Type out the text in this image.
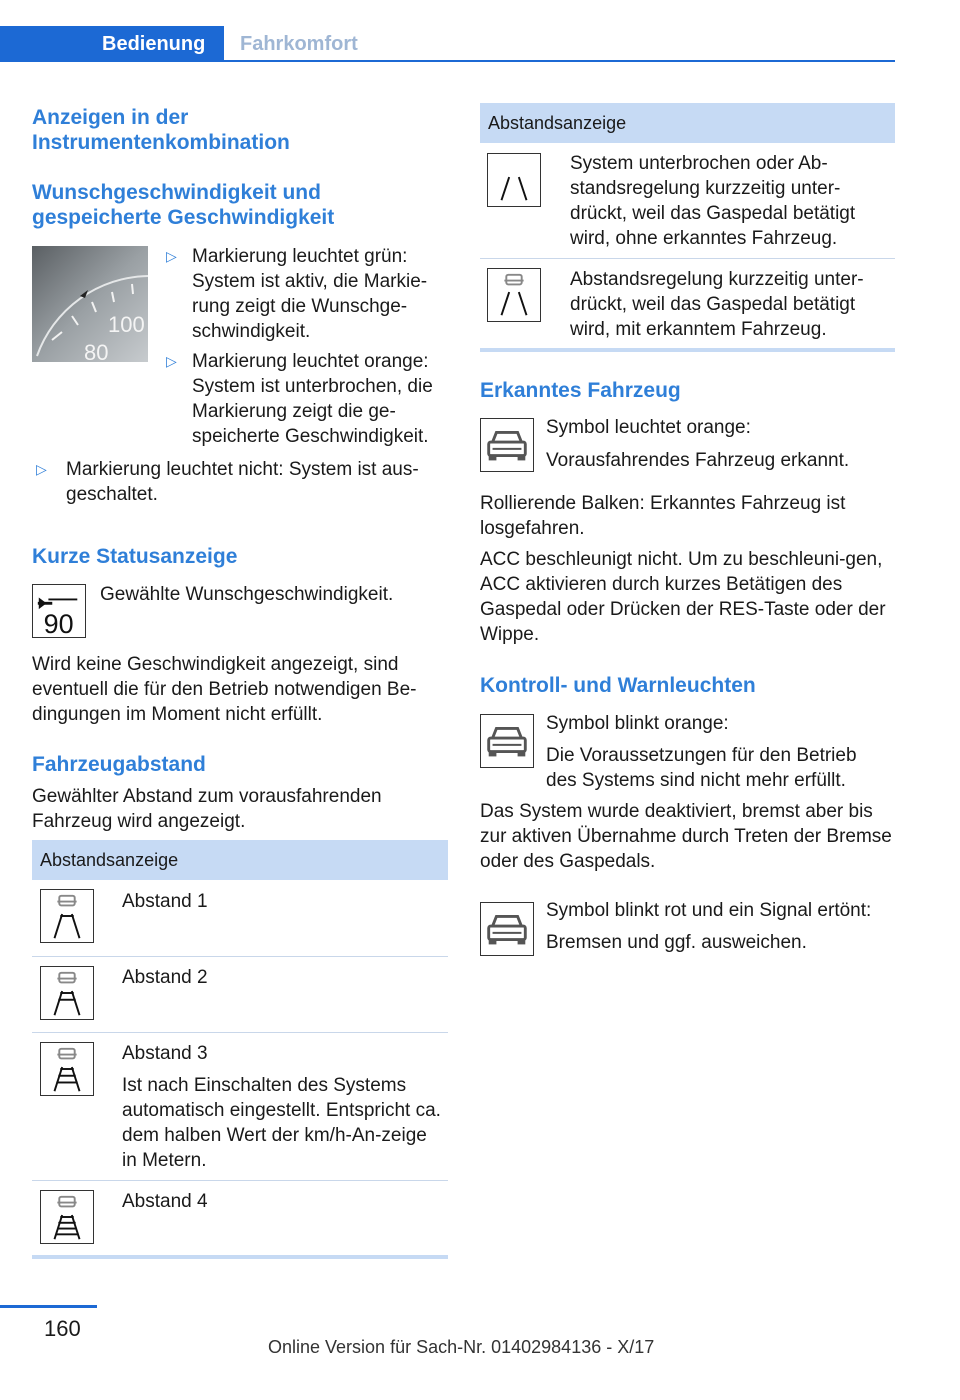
Bedienung	Fahrkomfort
Anzeigen in der Instrumentenkombination
Wunschgeschwindigkeit und gespeicherte Geschwindigkeit
100
80
▷ Markierung leuchtet grün: System ist aktiv, die Markie-rung zeigt die Wunschge-schwindigkeit.
▷ Markierung leuchtet orange: System ist unterbrochen, die Markierung zeigt die ge-speicherte Geschwindigkeit.
▷ Markierung leuchtet nicht: System ist aus-geschaltet.
Kurze Statusanzeige
90

Gewählte Wunschgeschwindigkeit.

Wird keine Geschwindigkeit angezeigt, sind eventuell die für den Betrieb notwendigen Be-dingungen im Moment nicht erfüllt.

Fahrzeugabstand

Gewählter Abstand zum vorausfahrenden Fahrzeug wird angezeigt.

Abstandsanzeige

Abstand 1

Abstand 2

Abstand 3

Ist nach Einschalten des Systems automatisch eingestellt. Entspricht ca. dem halben Wert der km/h-An-zeige in Metern.

Abstand 4

Abstandsanzeige

System unterbrochen oder Ab-standsregelung kurzzeitig unter-drückt, weil das Gaspedal betätigt wird, ohne erkanntes Fahrzeug.

Abstandsregelung kurzzeitig unter-drückt, weil das Gaspedal betätigt wird, mit erkanntem Fahrzeug.

Erkanntes Fahrzeug

Symbol leuchtet orange:

Vorausfahrendes Fahrzeug erkannt.

Rollierende Balken: Erkanntes Fahrzeug ist losgefahren.

ACC beschleunigt nicht. Um zu beschleuni-gen, ACC aktivieren durch kurzes Betätigen des Gaspedal oder Drücken der RES-Taste oder der Wippe.

Kontroll- und Warnleuchten

Symbol blinkt orange:

Die Voraussetzungen für den Betrieb des Systems sind nicht mehr erfüllt.

Das System wurde deaktiviert, bremst aber bis zur aktiven Übernahme durch Treten der Bremse oder des Gaspedals.

Symbol blinkt rot und ein Signal ertönt:

Bremsen und ggf. ausweichen.

160
Online Version für Sach-Nr. 01402984136 - X/17
